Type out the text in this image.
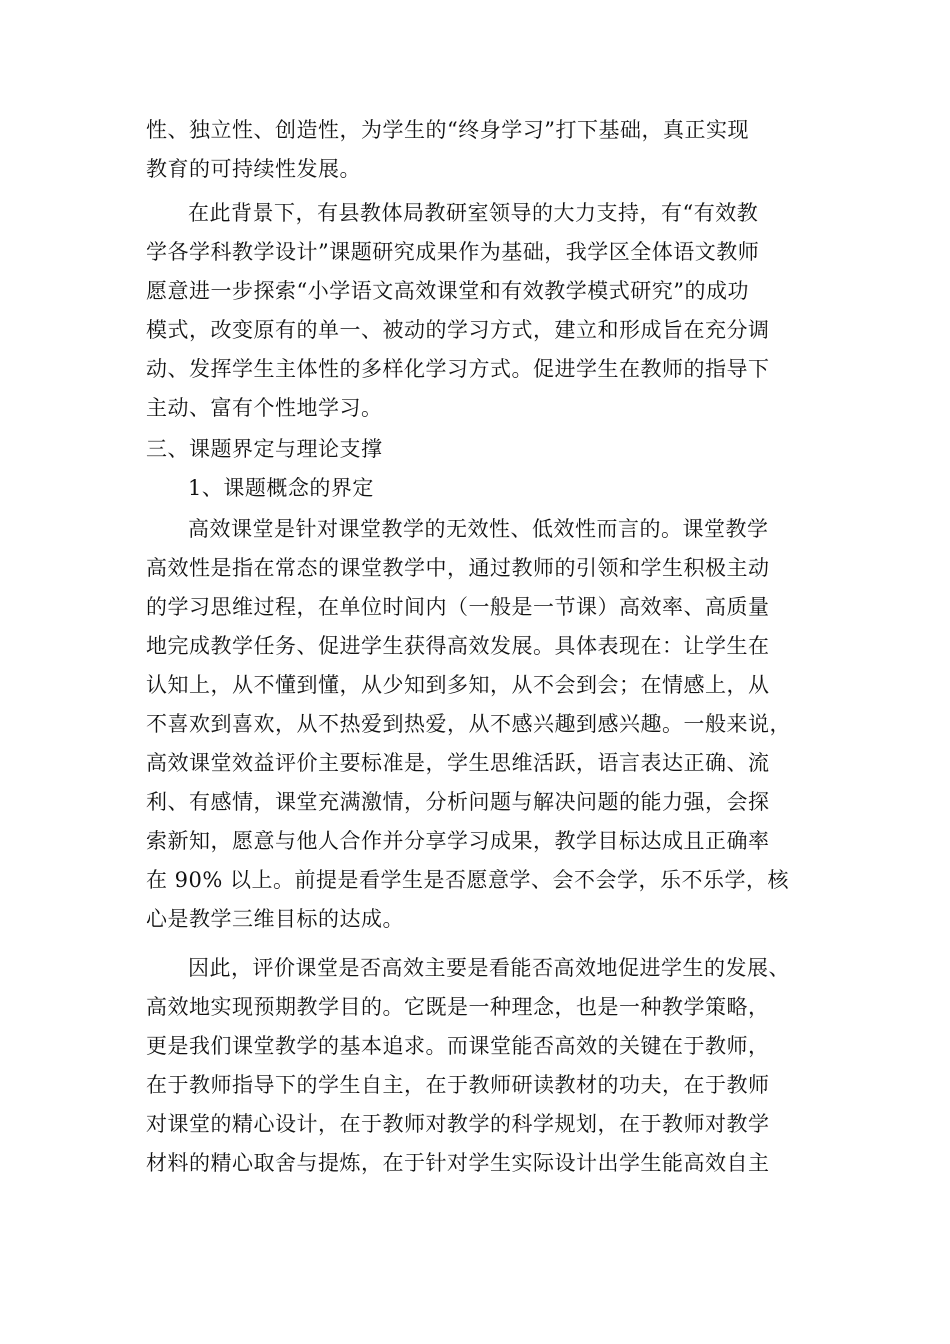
性、独立性、创造性，为学生的“终身学习”打下基础，真正实现
教育的可持续性发展。
在此背景下，有县教体局教研室领导的大力支持，有“有效教
学各学科教学设计”课题研究成果作为基础，我学区全体语文教师
愿意进一步探索“小学语文高效课堂和有效教学模式研究”的成功
模式，改变原有的单一、被动的学习方式，建立和形成旨在充分调
动、发挥学生主体性的多样化学习方式。促进学生在教师的指导下
主动、富有个性地学习。
三、课题界定与理论支撑
1、课题概念的界定
高效课堂是针对课堂教学的无效性、低效性而言的。课堂教学
高效性是指在常态的课堂教学中，通过教师的引领和学生积极主动
的学习思维过程，在单位时间内（一般是一节课）高效率、高质量
地完成教学任务、促进学生获得高效发展。具体表现在：让学生在
认知上，从不懂到懂，从少知到多知，从不会到会；在情感上，从
不喜欢到喜欢，从不热爱到热爱，从不感兴趣到感兴趣。一般来说，
高效课堂效益评价主要标准是，学生思维活跃，语言表达正确、流
利、有感情，课堂充满激情，分析问题与解决问题的能力强，会探
索新知，愿意与他人合作并分享学习成果，教学目标达成且正确率
在 90% 以上。前提是看学生是否愿意学、会不会学，乐不乐学，核
心是教学三维目标的达成。
因此，评价课堂是否高效主要是看能否高效地促进学生的发展、
高效地实现预期教学目的。它既是一种理念，也是一种教学策略，
更是我们课堂教学的基本追求。而课堂能否高效的关键在于教师，
在于教师指导下的学生自主，在于教师研读教材的功夫，在于教师
对课堂的精心设计，在于教师对教学的科学规划，在于教师对教学
材料的精心取舍与提炼，在于针对学生实际设计出学生能高效自主
